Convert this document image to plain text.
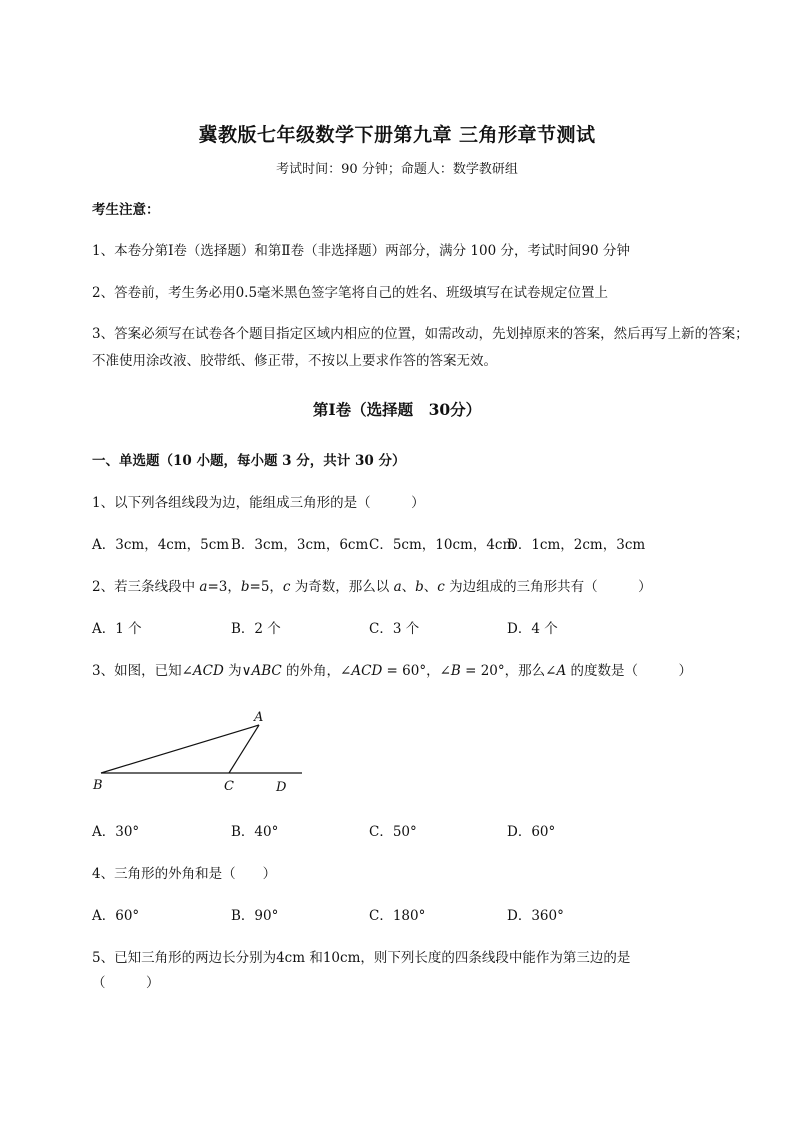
冀教版七年级数学下册第九章 三角形章节测试
考试时间：90 分钟；命题人：数学教研组
考生注意：
1、本卷分第Ⅰ卷（选择题）和第Ⅱ卷（非选择题）两部分，满分 100 分，考试时间90 分钟
2、答卷前，考生务必用0.5毫米黑色签字笔将自己的姓名、班级填写在试卷规定位置上
3、答案必须写在试卷各个题目指定区域内相应的位置，如需改动，先划掉原来的答案，然后再写上新的答案；不准使用涂改液、胶带纸、修正带，不按以上要求作答的答案无效。
第Ⅰ卷（选择题　30分）
一、单选题（10 小题，每小题 3 分，共计 30 分）
1、以下列各组线段为边，能组成三角形的是（　　　）
A．3cm，4cm，5cm B．3cm，3cm，6cm C．5cm，10cm，4cm
D．1cm，2cm，3cm
2、若三条线段中 a=3，b=5，c 为奇数，那么以 a、b、c 为边组成的三角形共有（　　　）
A．1 个	B．2 个	C．3 个	D．4 个
3、如图，已知∠ACD 为∨ABC 的外角，∠ACD = 60°，∠B = 20°，那么∠A 的度数是（　　　）
A
B	C	D
A．30°	B．40°	C．50°	D．60°
4、三角形的外角和是（　　）
A．60°	B．90°	C．180°	D．360°
5、已知三角形的两边长分别为4cm 和10cm，则下列长度的四条线段中能作为第三边的是
（　　　）
